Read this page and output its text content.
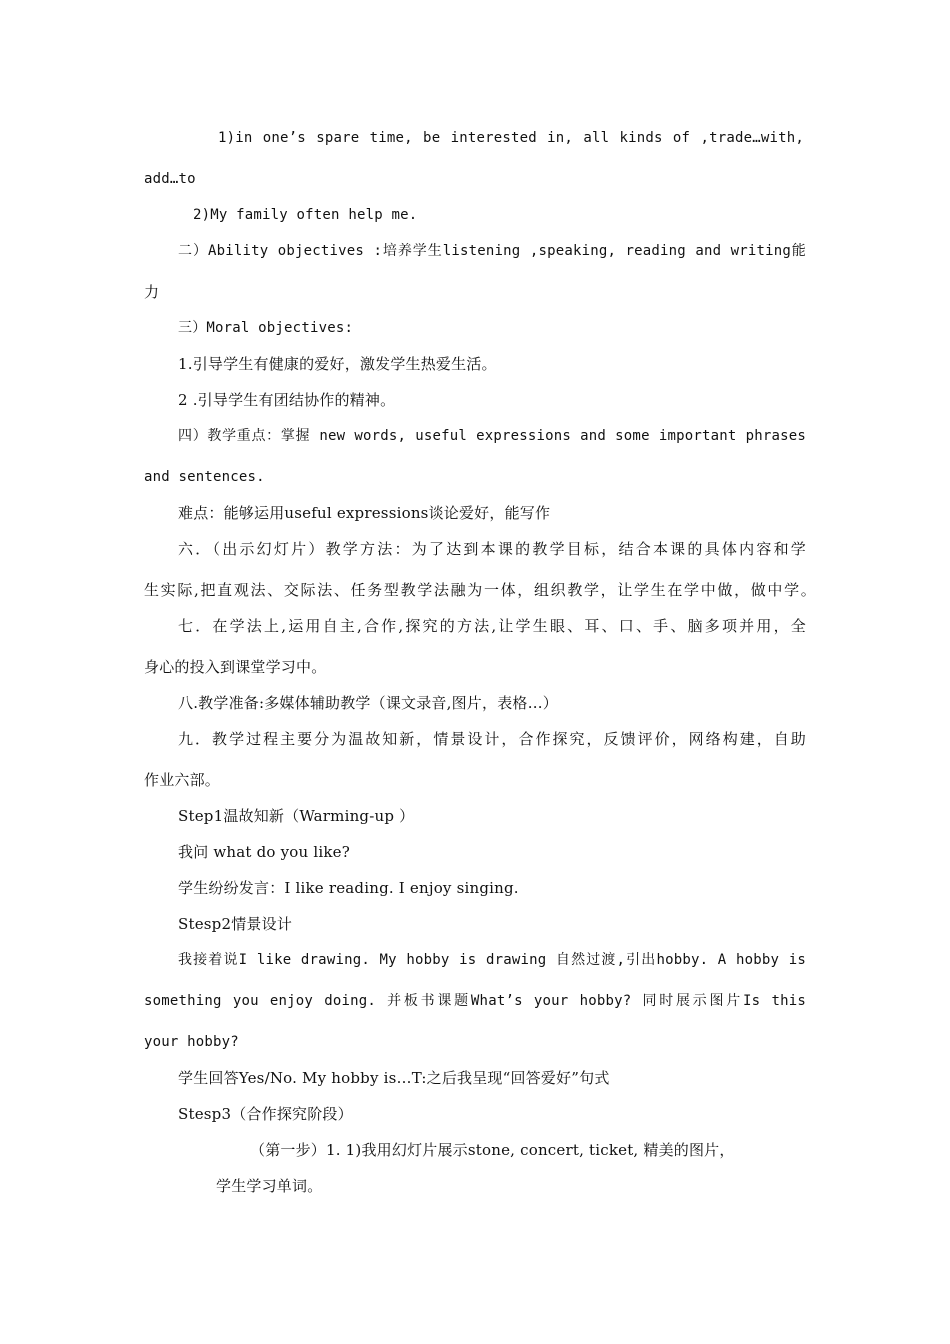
1)in one’s spare time, be interested in, all kinds of ,trade…with,
add…to
2)My family often help me.
二）Ability objectives :培养学生listening ,speaking, reading and writing能
力
三）Moral objectives:
1.引导学生有健康的爱好，激发学生热爱生活。
2 .引导学生有团结协作的精神。
四）教学重点：掌握 new words, useful expressions and some important phrases
and sentences.
难点：能够运用useful expressions谈论爱好，能写作
六．（出示幻灯片）教学方法：为了达到本课的教学目标，结合本课的具体内容和学
生实际,把直观法、交际法、任务型教学法融为一体，组织教学，让学生在学中做，做中学。
七．在学法上,运用自主,合作,探究的方法,让学生眼、耳、口、手、脑多项并用，全
身心的投入到课堂学习中。
八.教学准备:多媒体辅助教学（课文录音,图片，表格…）
九．教学过程主要分为温故知新，情景设计，合作探究，反馈评价，网络构建，自助
作业六部。
Step1温故知新（Warming-up ）
我问 what do you like?
学生纷纷发言：I like reading. I enjoy singing.
Stesp2情景设计
我接着说I like drawing. My hobby is drawing 自然过渡,引出hobby. A hobby is
something you enjoy doing. 并板书课题What’s your hobby? 同时展示图片Is this
your hobby?
学生回答Yes/No. My hobby is…T:之后我呈现“回答爱好”句式
Stesp3（合作探究阶段）
（第一步）1. 1)我用幻灯片展示stone, concert, ticket, 精美的图片，
学生学习单词。
